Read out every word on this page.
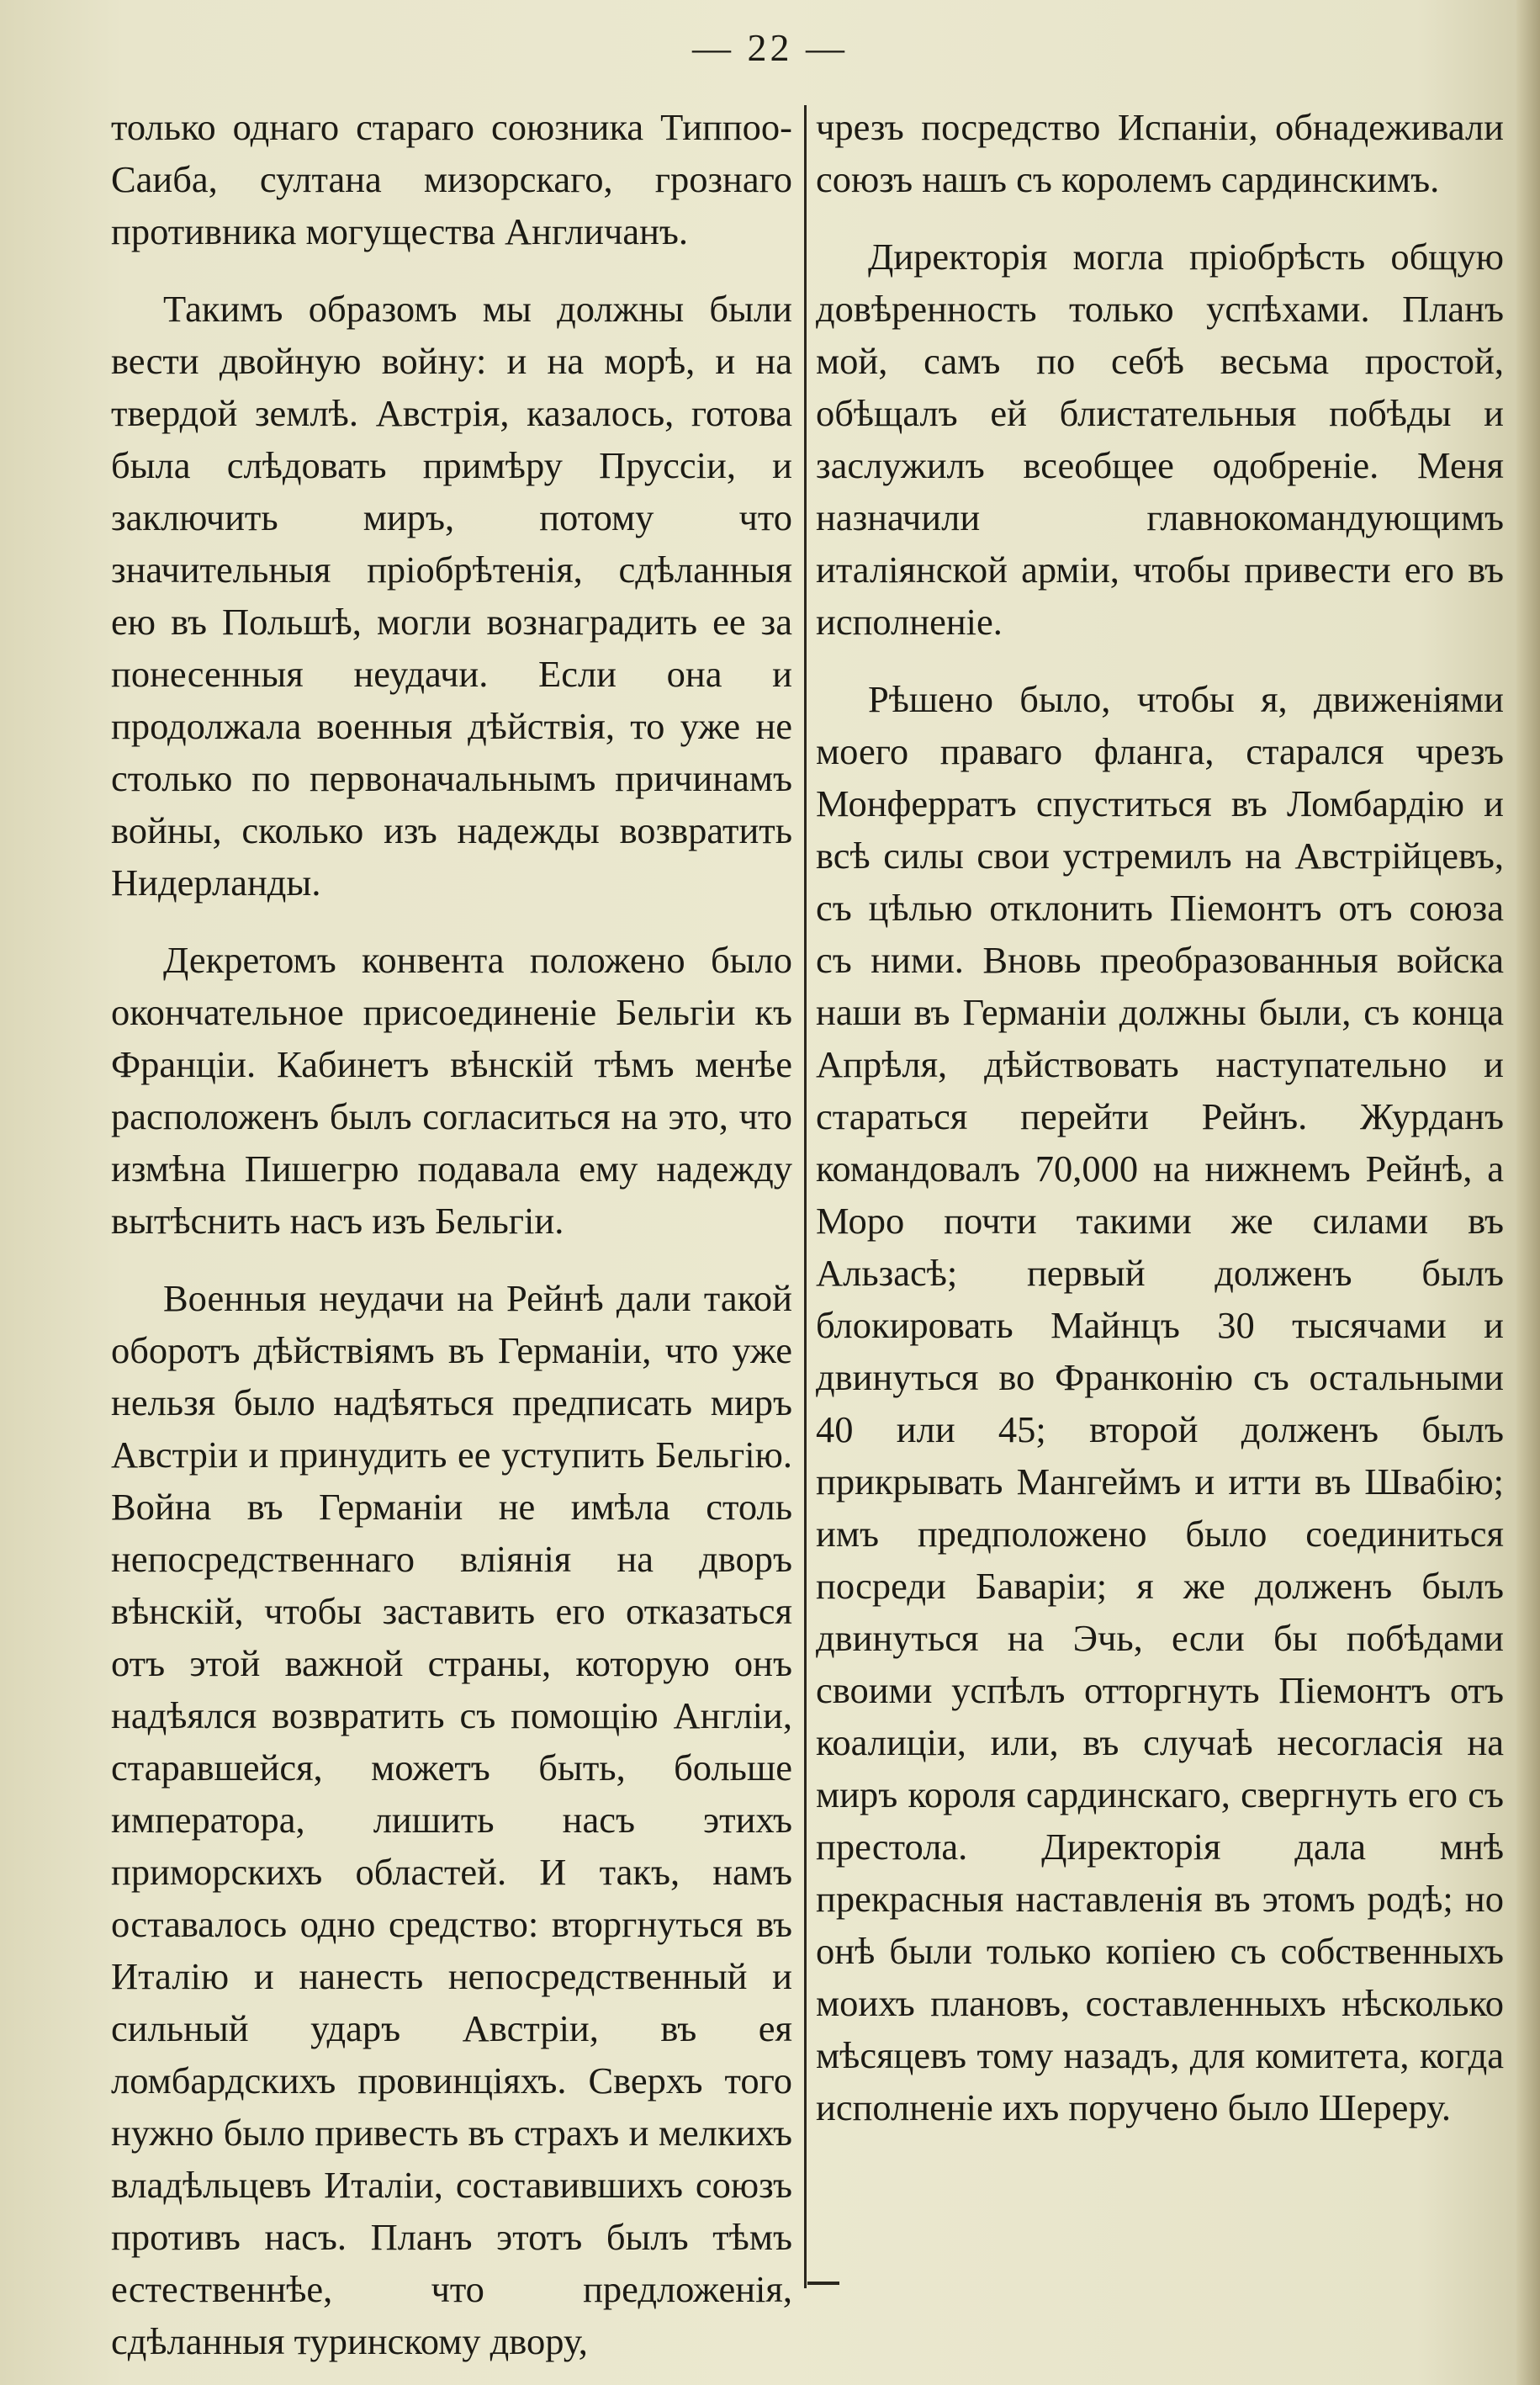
— 22 —

только однаго стараго союзника Типпоо-Саиба, султана мизорскаго, грознаго противника могущества Англичанъ.

Такимъ образомъ мы должны были вести двойную войну: и на морѣ, и на твердой землѣ. Австрія, казалось, готова была слѣдовать примѣру Пруссіи, и заключить миръ, потому что значительныя пріобрѣтенія, сдѣланныя ею въ Польшѣ, могли вознаградить ее за понесенныя неудачи. Если она и продолжала военныя дѣйствія, то уже не столько по первоначальнымъ причинамъ войны, сколько изъ надежды возвратить Нидерланды.

Декретомъ конвента положено было окончательное присоединеніе Бельгіи къ Франціи. Кабинетъ вѣнскій тѣмъ менѣе расположенъ былъ согласиться на это, что измѣна Пишегрю подавала ему надежду вытѣснить насъ изъ Бельгіи.

Военныя неудачи на Рейнѣ дали такой оборотъ дѣйствіямъ въ Германіи, что уже нельзя было надѣяться предписать миръ Австріи и принудить ее уступить Бельгію. Война въ Германіи не имѣла столь непосредственнаго вліянія на дворъ вѣнскій, чтобы заставить его отказаться отъ этой важной страны, которую онъ надѣялся возвратить съ помощію Англіи, старавшейся, можетъ быть, больше императора, лишить насъ этихъ приморскихъ областей. И такъ, намъ оставалось одно средство: вторгнуться въ Италію и нанесть непосредственный и сильный ударъ Австріи, въ ея ломбардскихъ провинціяхъ. Сверхъ того нужно было привесть въ страхъ и мелкихъ владѣльцевъ Италіи, составившихъ союзъ противъ насъ. Планъ этотъ былъ тѣмъ естественнѣе, что предложенія, сдѣланныя туринскому двору,

чрезъ посредство Испаніи, обнадеживали союзъ нашъ съ королемъ сардинскимъ.

Директорія могла пріобрѣсть общую довѣренность только успѣхами. Планъ мой, самъ по себѣ весьма простой, обѣщалъ ей блистательныя побѣды и заслужилъ всеобщее одобреніе. Меня назначили главнокомандующимъ италіянской арміи, чтобы привести его въ исполненіе.

Рѣшено было, чтобы я, движеніями моего праваго фланга, старался чрезъ Монферратъ спуститься въ Ломбардію и всѣ силы свои устремилъ на Австрійцевъ, съ цѣлью отклонить Піемонтъ отъ союза съ ними. Вновь преобразованныя войска наши въ Германіи должны были, съ конца Апрѣля, дѣйствовать наступательно и стараться перейти Рейнъ. Журданъ командовалъ 70,000 на нижнемъ Рейнѣ, а Моро почти такими же силами въ Альзасѣ; первый долженъ былъ блокировать Майнцъ 30 тысячами и двинуться во Франконію съ остальными 40 или 45; второй долженъ былъ прикрывать Мангеймъ и итти въ Швабію; имъ предположено было соединиться посреди Баваріи; я же долженъ былъ двинуться на Эчь, если бы побѣдами своими успѣлъ отторгнуть Піемонтъ отъ коалиціи, или, въ случаѣ несогласія на миръ короля сардинскаго, свергнуть его съ престола. Директорія дала мнѣ прекрасныя наставленія въ этомъ родѣ; но онѣ были только копіею съ собственныхъ моихъ плановъ, составленныхъ нѣсколько мѣсяцевъ тому назадъ, для комитета, когда исполненіе ихъ поручено было Шереру.
